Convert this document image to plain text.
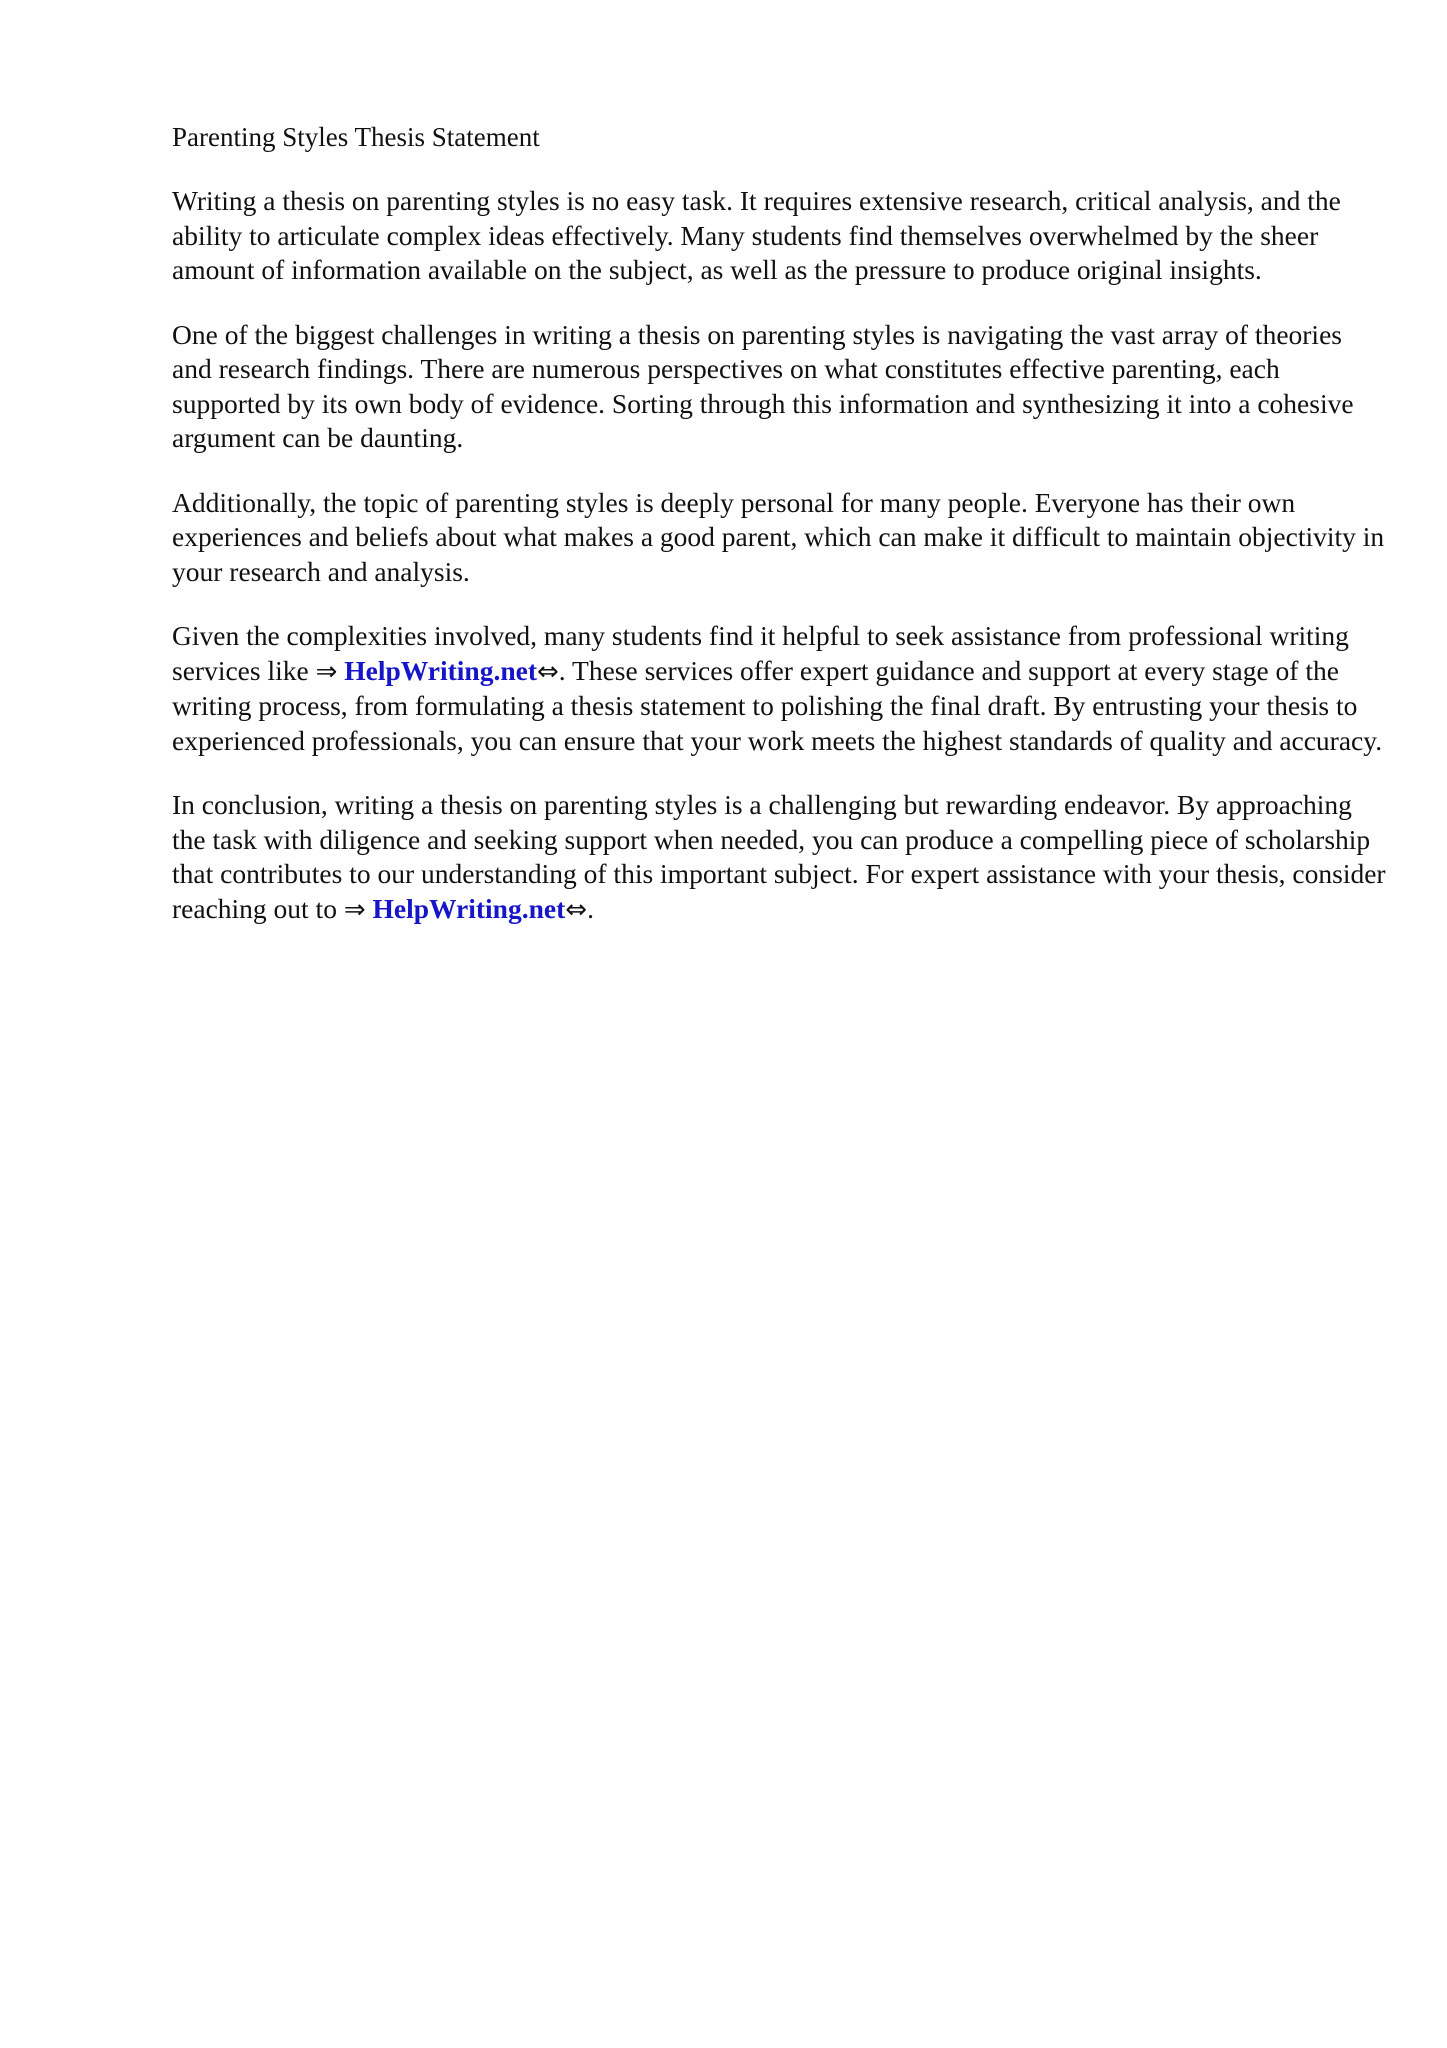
Parenting Styles Thesis Statement

Writing a thesis on parenting styles is no easy task. It requires extensive research, critical analysis, and the ability to articulate complex ideas effectively. Many students find themselves overwhelmed by the sheer amount of information available on the subject, as well as the pressure to produce original insights.

One of the biggest challenges in writing a thesis on parenting styles is navigating the vast array of theories and research findings. There are numerous perspectives on what constitutes effective parenting, each supported by its own body of evidence. Sorting through this information and synthesizing it into a cohesive argument can be daunting.

Additionally, the topic of parenting styles is deeply personal for many people. Everyone has their own experiences and beliefs about what makes a good parent, which can make it difficult to maintain objectivity in your research and analysis.

Given the complexities involved, many students find it helpful to seek assistance from professional writing services like ⇒ HelpWriting.net⇔. These services offer expert guidance and support at every stage of the writing process, from formulating a thesis statement to polishing the final draft. By entrusting your thesis to experienced professionals, you can ensure that your work meets the highest standards of quality and accuracy.

In conclusion, writing a thesis on parenting styles is a challenging but rewarding endeavor. By approaching the task with diligence and seeking support when needed, you can produce a compelling piece of scholarship that contributes to our understanding of this important subject. For expert assistance with your thesis, consider reaching out to ⇒ HelpWriting.net⇔.
